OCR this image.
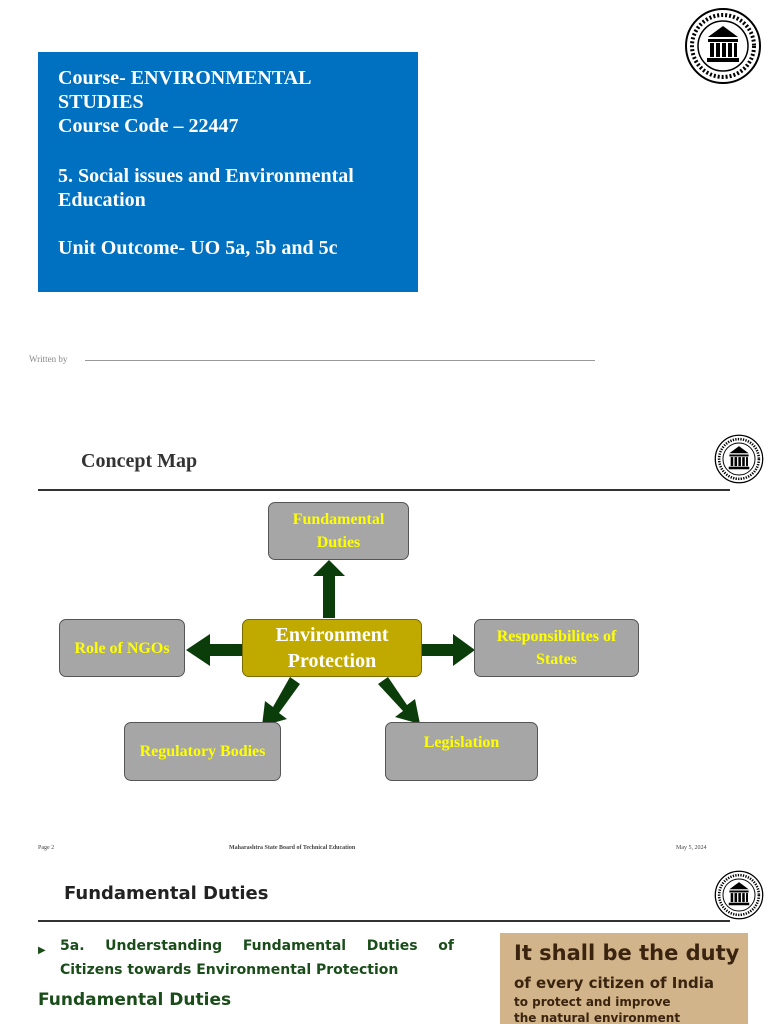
Course- ENVIRONMENTAL

STUDIES

Course Code – 22447

5. Social issues and Environmental

Education

Unit Outcome- UO 5a, 5b and 5c

Written by
Concept Map
Fundamental Duties
Role of NGOs
Environment Protection
Responsibilites of States
Regulatory Bodies
Legislation
Page 2	Maharashtra State Board of Technical Education	May 5, 2024
Fundamental Duties
▶ 5a. Understanding Fundamental Duties of
Citizens towards Environmental Protection
Fundamental Duties
It shall be the duty
of every citizen of India
to protect and improve
the natural environment
